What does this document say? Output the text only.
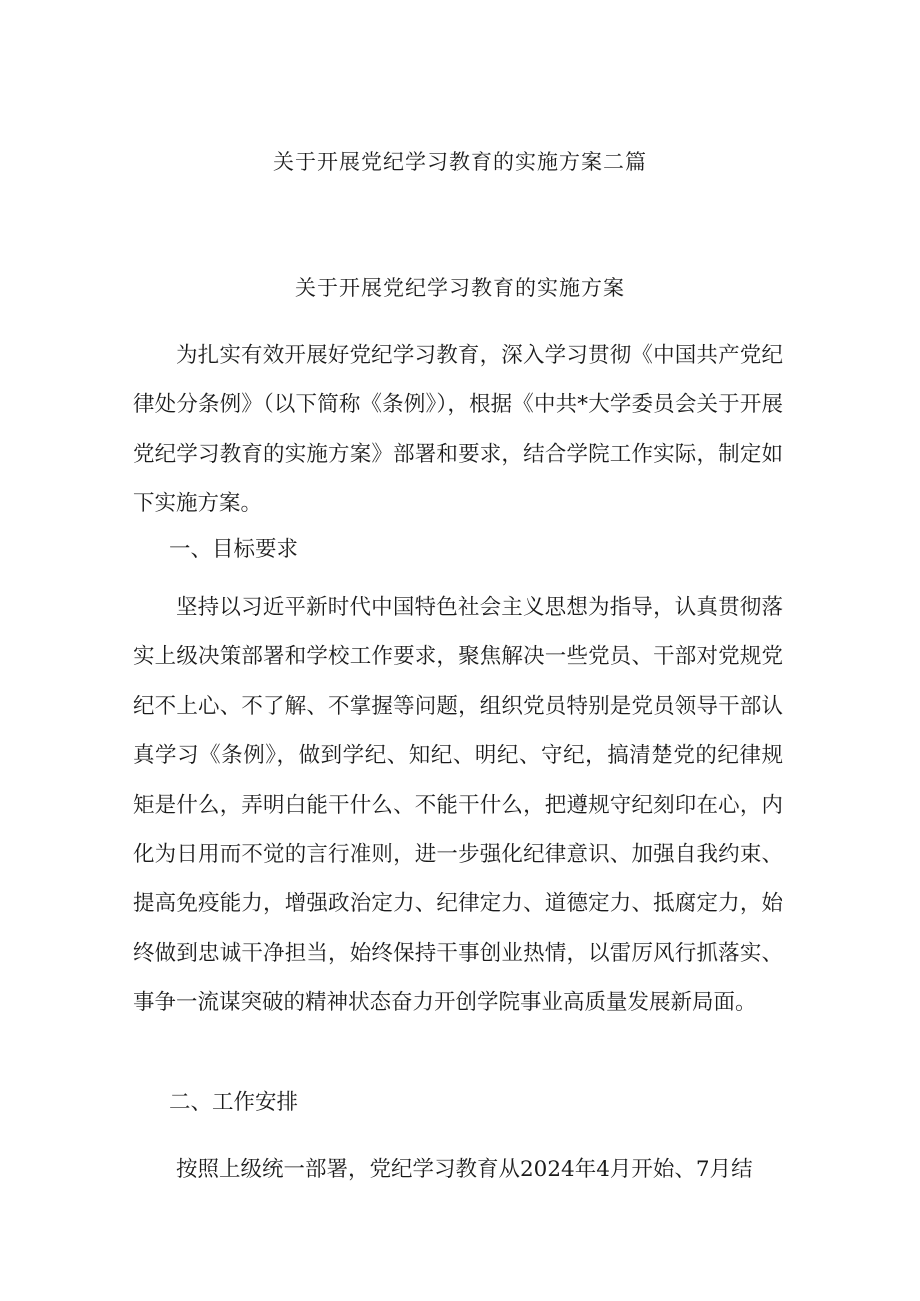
关于开展党纪学习教育的实施方案二篇
关于开展党纪学习教育的实施方案

为扎实有效开展好党纪学习教育，深入学习贯彻《中国共产党纪律处分条例》（以下简称《条例》），根据《中共*大学委员会关于开展党纪学习教育的实施方案》部署和要求，结合学院工作实际，制定如下实施方案。

一、目标要求

坚持以习近平新时代中国特色社会主义思想为指导，认真贯彻落实上级决策部署和学校工作要求，聚焦解决一些党员、干部对党规党纪不上心、不了解、不掌握等问题，组织党员特别是党员领导干部认真学习《条例》，做到学纪、知纪、明纪、守纪，搞清楚党的纪律规矩是什么，弄明白能干什么、不能干什么，把遵规守纪刻印在心，内化为日用而不觉的言行准则，进一步强化纪律意识、加强自我约束、提高免疫能力，增强政治定力、纪律定力、道德定力、抵腐定力，始终做到忠诚干净担当，始终保持干事创业热情，以雷厉风行抓落实、事争一流谋突破的精神状态奋力开创学院事业高质量发展新局面。

二、工作安排

按照上级统一部署，党纪学习教育从2024年4月开始、7月结
